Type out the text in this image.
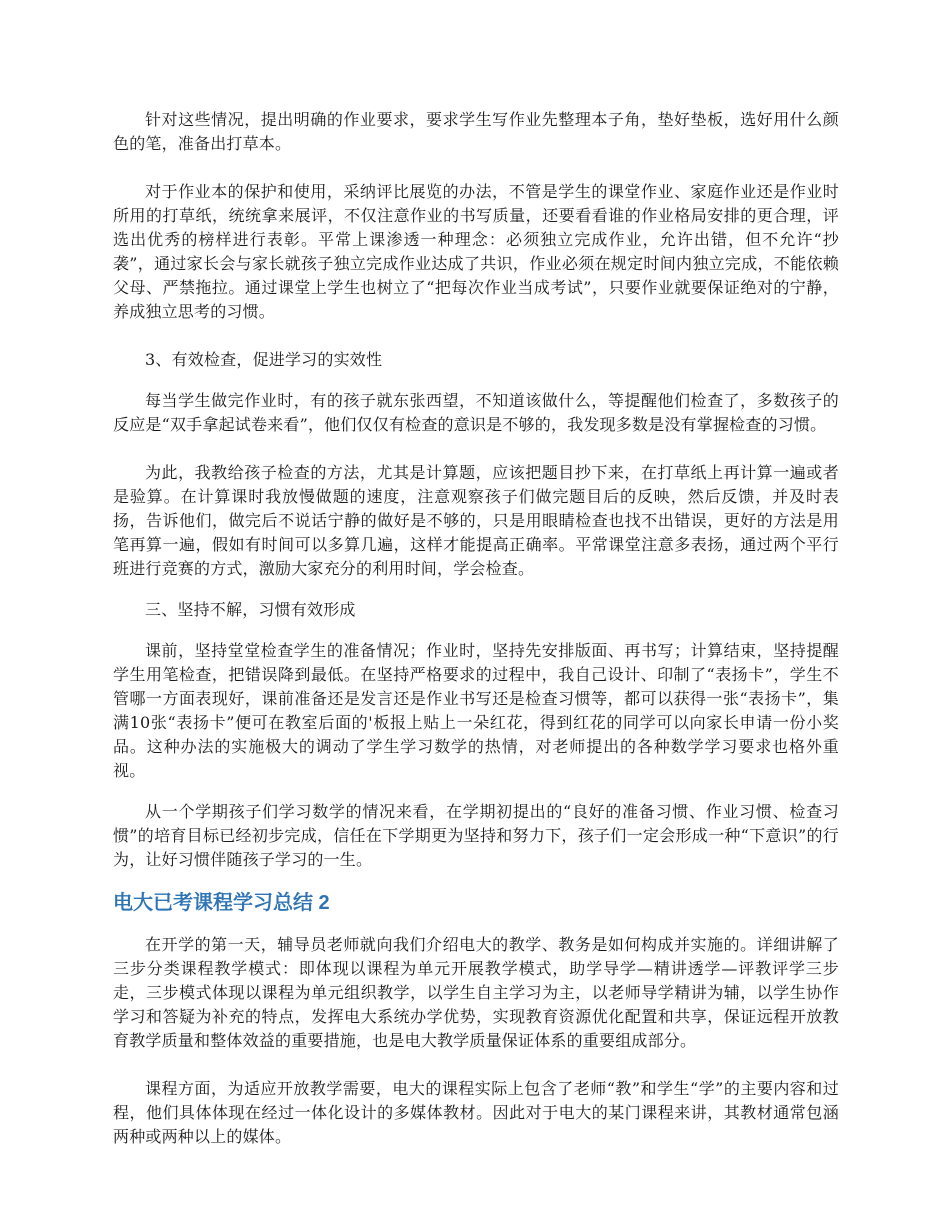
针对这些情况，提出明确的作业要求，要求学生写作业先整理本子角，垫好垫板，选好用什么颜色的笔，准备出打草本。

对于作业本的保护和使用，采纳评比展览的办法，不管是学生的课堂作业、家庭作业还是作业时所用的打草纸，统统拿来展评，不仅注意作业的书写质量，还要看看谁的作业格局安排的更合理，评选出优秀的榜样进行表彰。平常上课渗透一种理念：必须独立完成作业，允许出错，但不允许“抄袭”，通过家长会与家长就孩子独立完成作业达成了共识，作业必须在规定时间内独立完成，不能依赖父母、严禁拖拉。通过课堂上学生也树立了“把每次作业当成考试”，只要作业就要保证绝对的宁静，养成独立思考的习惯。

3、有效检查，促进学习的实效性

每当学生做完作业时，有的孩子就东张西望，不知道该做什么，等提醒他们检查了，多数孩子的反应是“双手拿起试卷来看”，他们仅仅有检查的意识是不够的，我发现多数是没有掌握检查的习惯。

为此，我教给孩子检查的方法，尤其是计算题，应该把题目抄下来，在打草纸上再计算一遍或者是验算。在计算课时我放慢做题的速度，注意观察孩子们做完题目后的反映，然后反馈，并及时表扬，告诉他们，做完后不说话宁静的做好是不够的，只是用眼睛检查也找不出错误，更好的方法是用笔再算一遍，假如有时间可以多算几遍，这样才能提高正确率。平常课堂注意多表扬，通过两个平行班进行竞赛的方式，激励大家充分的利用时间，学会检查。

三、坚持不解，习惯有效形成

课前，坚持堂堂检查学生的准备情况；作业时，坚持先安排版面、再书写；计算结束，坚持提醒学生用笔检查，把错误降到最低。在坚持严格要求的过程中，我自己设计、印制了“表扬卡”，学生不管哪一方面表现好，课前准备还是发言还是作业书写还是检查习惯等，都可以获得一张“表扬卡”，集满10张“表扬卡”便可在教室后面的'板报上贴上一朵红花，得到红花的同学可以向家长申请一份小奖品。这种办法的实施极大的调动了学生学习数学的热情，对老师提出的各种数学学习要求也格外重视。

从一个学期孩子们学习数学的情况来看，在学期初提出的“良好的准备习惯、作业习惯、检查习惯”的培育目标已经初步完成，信任在下学期更为坚持和努力下，孩子们一定会形成一种“下意识”的行为，让好习惯伴随孩子学习的一生。

电大已考课程学习总结 2

在开学的第一天，辅导员老师就向我们介绍电大的教学、教务是如何构成并实施的。详细讲解了三步分类课程教学模式：即体现以课程为单元开展教学模式，助学导学—精讲透学—评教评学三步走，三步模式体现以课程为单元组织教学，以学生自主学习为主，以老师导学精讲为辅，以学生协作学习和答疑为补充的特点，发挥电大系统办学优势，实现教育资源优化配置和共享，保证远程开放教育教学质量和整体效益的重要措施，也是电大教学质量保证体系的重要组成部分。

课程方面，为适应开放教学需要，电大的课程实际上包含了老师“教”和学生“学”的主要内容和过程，他们具体体现在经过一体化设计的多媒体教材。因此对于电大的某门课程来讲，其教材通常包涵两种或两种以上的媒体。
